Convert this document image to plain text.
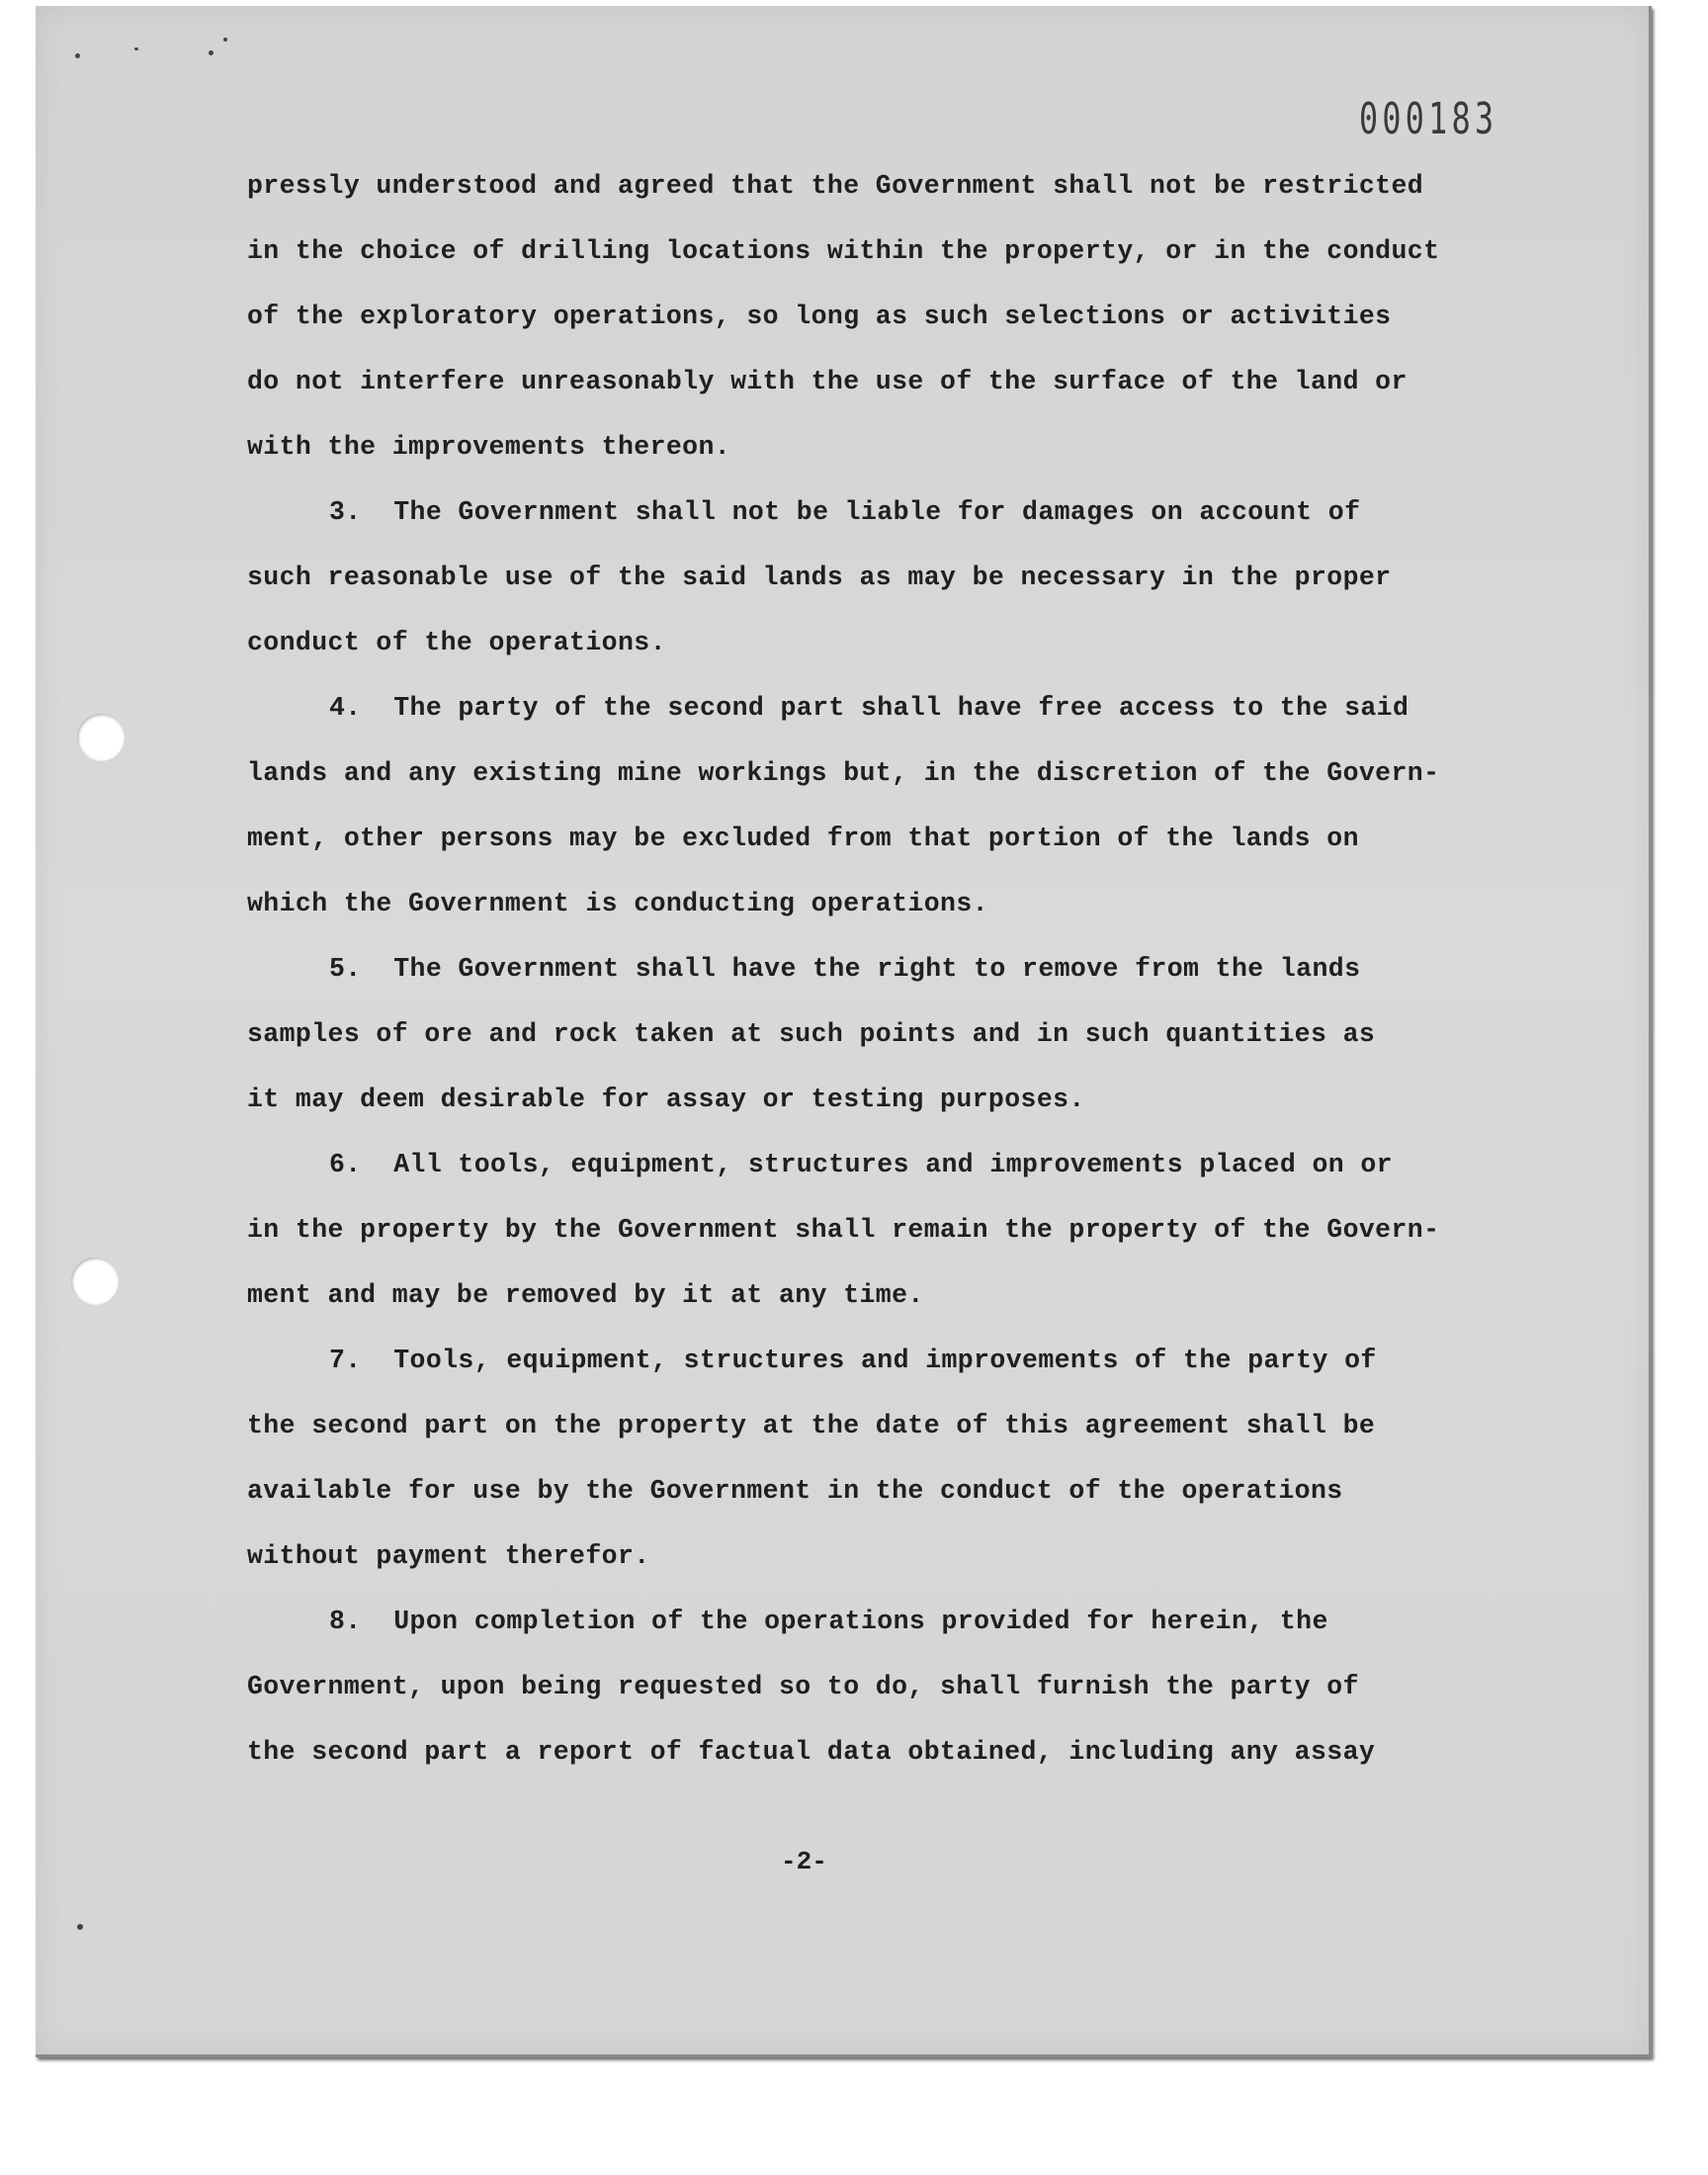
000183
pressly understood and agreed that the Government shall not be restricted
in the choice of drilling locations within the property, or in the conduct
of the exploratory operations, so long as such selections or activities
do not interfere unreasonably with the use of the surface of the land or
with the improvements thereon.
3.  The Government shall not be liable for damages on account of
such reasonable use of the said lands as may be necessary in the proper
conduct of the operations.
4.  The party of the second part shall have free access to the said
lands and any existing mine workings but, in the discretion of the Govern-
ment, other persons may be excluded from that portion of the lands on
which the Government is conducting operations.
5.  The Government shall have the right to remove from the lands
samples of ore and rock taken at such points and in such quantities as
it may deem desirable for assay or testing purposes.
6.  All tools, equipment, structures and improvements placed on or
in the property by the Government shall remain the property of the Govern-
ment and may be removed by it at any time.
7.  Tools, equipment, structures and improvements of the party of
the second part on the property at the date of this agreement shall be
available for use by the Government in the conduct of the operations
without payment therefor.
8.  Upon completion of the operations provided for herein, the
Government, upon being requested so to do, shall furnish the party of
the second part a report of factual data obtained, including any assay
-2-
